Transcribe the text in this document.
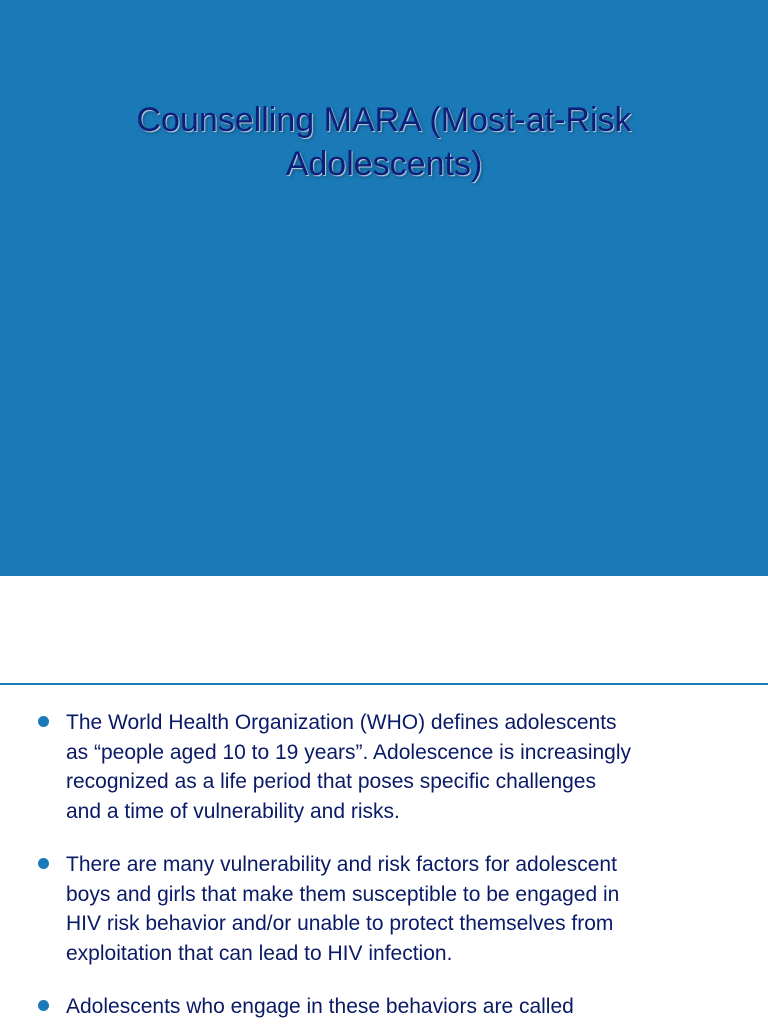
Counselling MARA (Most-at-Risk
Adolescents)
The World Health Organization (WHO) defines adolescents
as “people aged 10 to 19 years”. Adolescence is increasingly
recognized as a life period that poses specific challenges
and a time of vulnerability and risks.
There are many vulnerability and risk factors for adolescent
boys and girls that make them susceptible to be engaged in
HIV risk behavior and/or unable to protect themselves from
exploitation that can lead to HIV infection.
Adolescents who engage in these behaviors are called
